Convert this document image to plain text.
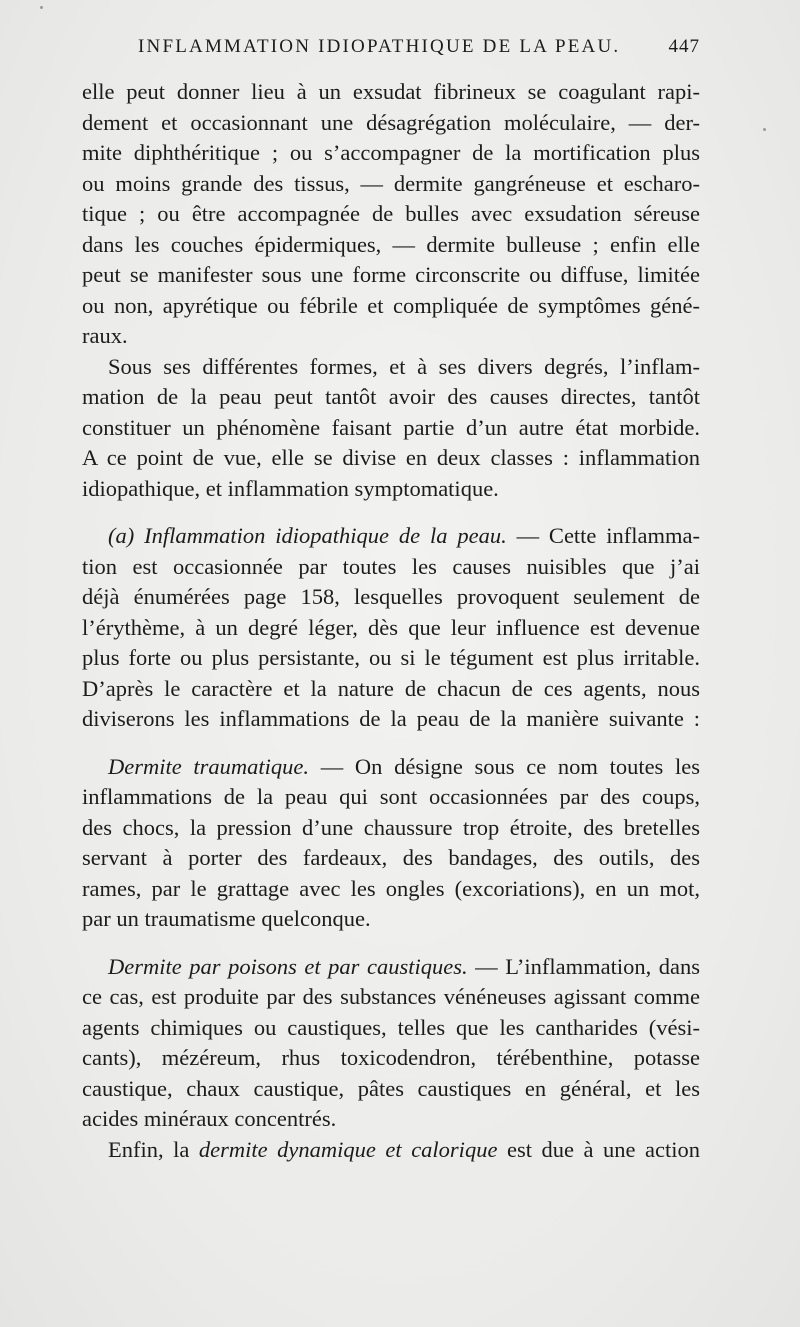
INFLAMMATION IDIOPATHIQUE DE LA PEAU.	447
elle peut donner lieu à un exsudat fibrineux se coagulant rapi-
dement et occasionnant une désagrégation moléculaire, — der-
mite diphthéritique ; ou s’accompagner de la mortification plus
ou moins grande des tissus, — dermite gangréneuse et escharo-
tique ; ou être accompagnée de bulles avec exsudation séreuse
dans les couches épidermiques, — dermite bulleuse ; enfin elle
peut se manifester sous une forme circonscrite ou diffuse, limitée
ou non, apyrétique ou fébrile et compliquée de symptômes géné-
raux.
Sous ses différentes formes, et à ses divers degrés, l’inflam-
mation de la peau peut tantôt avoir des causes directes, tantôt
constituer un phénomène faisant partie d’un autre état morbide.
A ce point de vue, elle se divise en deux classes : inflammation
idiopathique, et inflammation symptomatique.
(a) Inflammation idiopathique de la peau. — Cette inflamma-
tion est occasionnée par toutes les causes nuisibles que j’ai
déjà énumérées page 158, lesquelles provoquent seulement de
l’érythème, à un degré léger, dès que leur influence est devenue
plus forte ou plus persistante, ou si le tégument est plus irritable.
D’après le caractère et la nature de chacun de ces agents, nous
diviserons les inflammations de la peau de la manière suivante :
Dermite traumatique. — On désigne sous ce nom toutes les
inflammations de la peau qui sont occasionnées par des coups,
des chocs, la pression d’une chaussure trop étroite, des bretelles
servant à porter des fardeaux, des bandages, des outils, des
rames, par le grattage avec les ongles (excoriations), en un mot,
par un traumatisme quelconque.
Dermite par poisons et par caustiques. — L’inflammation, dans
ce cas, est produite par des substances vénéneuses agissant comme
agents chimiques ou caustiques, telles que les cantharides (vési-
cants), mézéreum, rhus toxicodendron, térébenthine, potasse
caustique, chaux caustique, pâtes caustiques en général, et les
acides minéraux concentrés.
Enfin, la dermite dynamique et calorique est due à une action
